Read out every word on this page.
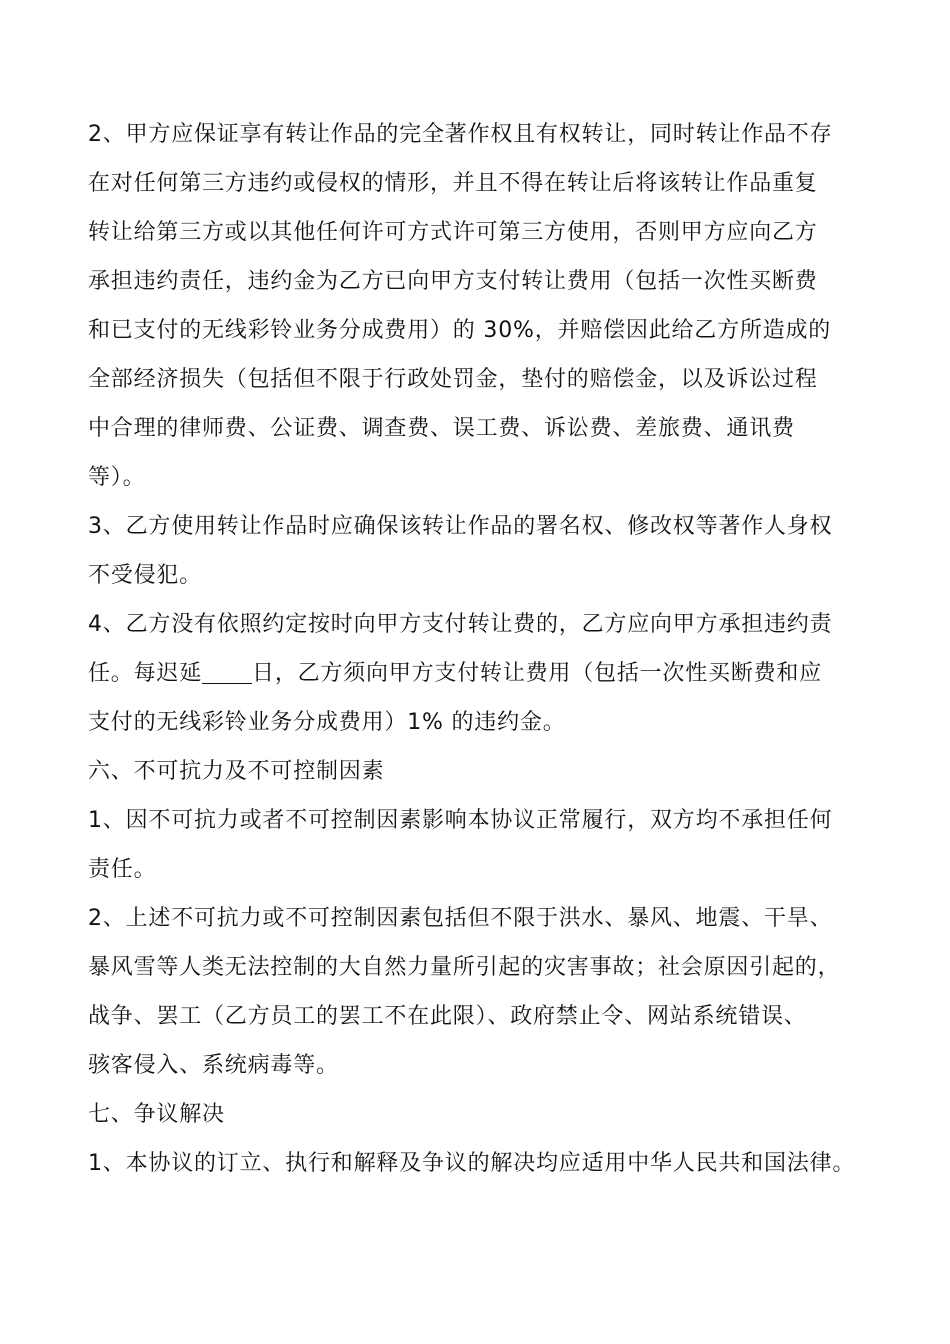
2、甲方应保证享有转让作品的完全著作权且有权转让，同时转让作品不存
在对任何第三方违约或侵权的情形，并且不得在转让后将该转让作品重复
转让给第三方或以其他任何许可方式许可第三方使用，否则甲方应向乙方
承担违约责任，违约金为乙方已向甲方支付转让费用（包括一次性买断费
和已支付的无线彩铃业务分成费用）的 30%，并赔偿因此给乙方所造成的
全部经济损失（包括但不限于行政处罚金，垫付的赔偿金，以及诉讼过程
中合理的律师费、公证费、调查费、误工费、诉讼费、差旅费、通讯费
等）。

3、乙方使用转让作品时应确保该转让作品的署名权、修改权等著作人身权
不受侵犯。

4、乙方没有依照约定按时向甲方支付转让费的，乙方应向甲方承担违约责
任。每迟延 日，乙方须向甲方支付转让费用（包括一次性买断费和应
支付的无线彩铃业务分成费用）1% 的违约金。

六、不可抗力及不可控制因素

1、因不可抗力或者不可控制因素影响本协议正常履行，双方均不承担任何
责任。

2、上述不可抗力或不可控制因素包括但不限于洪水、暴风、地震、干旱、
暴风雪等人类无法控制的大自然力量所引起的灾害事故；社会原因引起的，
战争、罢工（乙方员工的罢工不在此限）、政府禁止令、网站系统错误、
骇客侵入、系统病毒等。

七、争议解决

1、本协议的订立、执行和解释及争议的解决均应适用中华人民共和国法律。
